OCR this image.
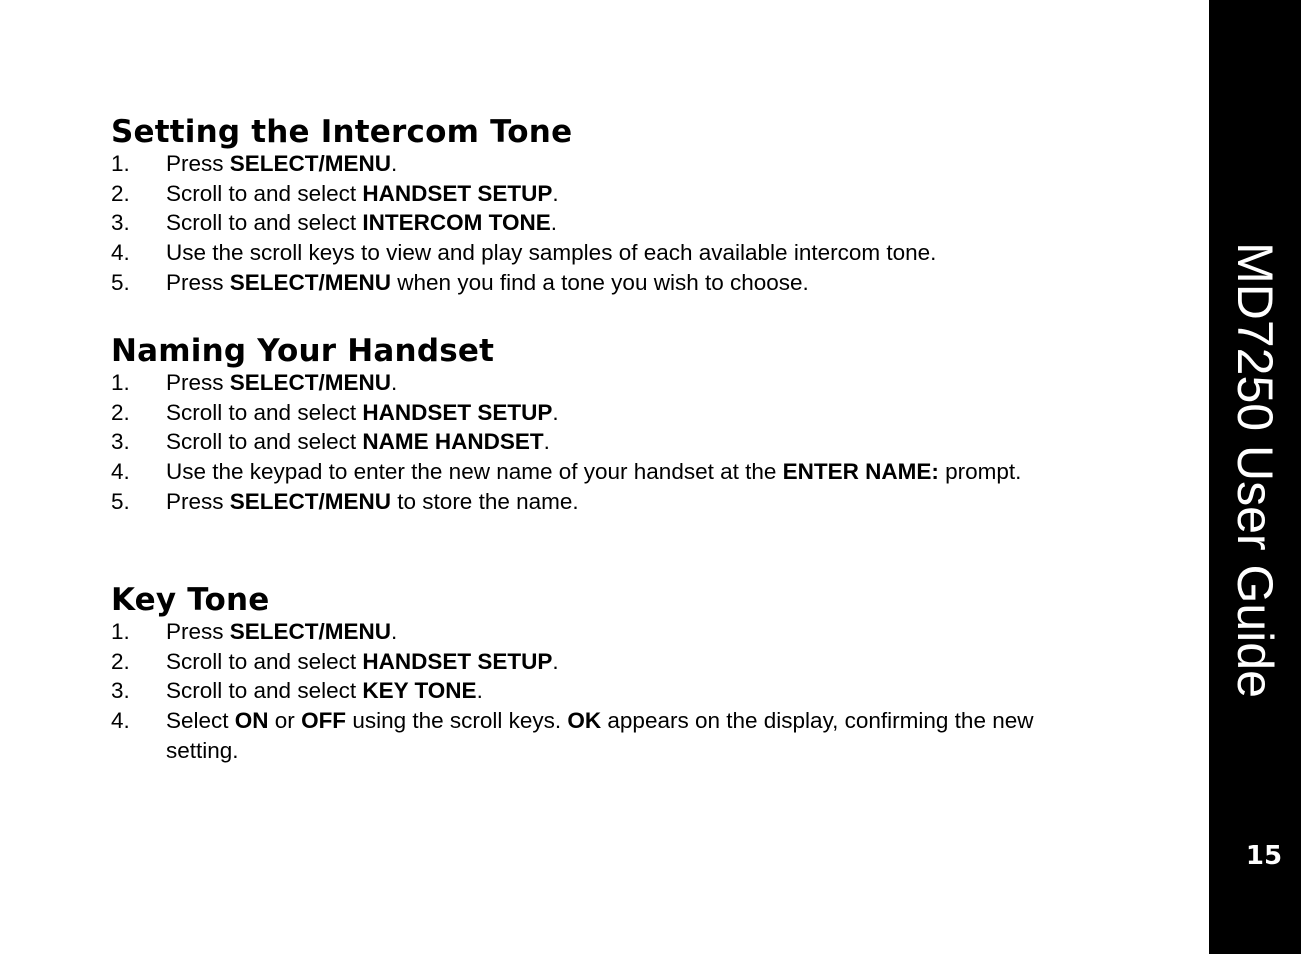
Setting the Intercom Tone
1.	Press SELECT/MENU.
2.	Scroll to and select HANDSET SETUP.
3.	Scroll to and select INTERCOM TONE.
4.	Use the scroll keys to view and play samples of each available intercom tone.
5.	Press SELECT/MENU when you find a tone you wish to choose.
Naming Your Handset
1.	Press SELECT/MENU.
2.	Scroll to and select HANDSET SETUP.
3.	Scroll to and select NAME HANDSET.
4.	Use the keypad to enter the new name of your handset at the ENTER NAME: prompt.
5.	Press SELECT/MENU to store the name.
Key Tone
1.	Press SELECT/MENU.
2.	Scroll to and select HANDSET SETUP.
3.	Scroll to and select KEY TONE.
4.	Select ON or OFF using the scroll keys. OK appears on the display, confirming the new setting.
MD7250 User Guide
15
